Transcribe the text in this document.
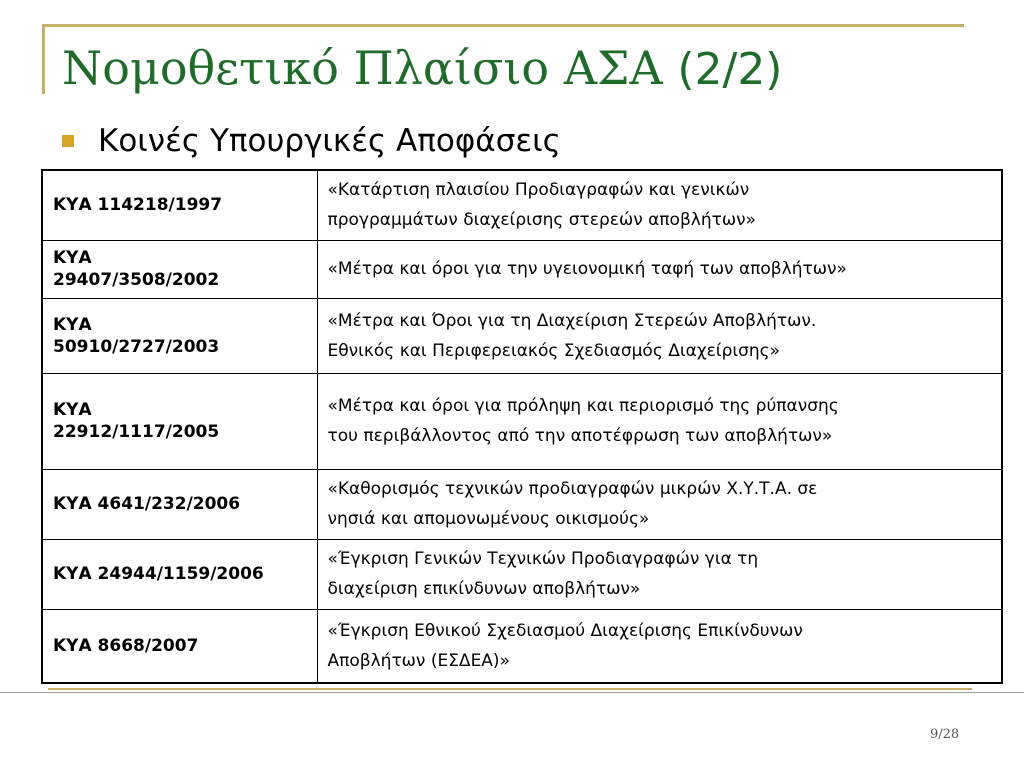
Νομοθετικό Πλαίσιο ΑΣΑ (2/2)
Κοινές Υπουργικές Αποφάσεις
ΚΥΑ 114218/1997	«Κατάρτιση πλαισίου Προδιαγραφών και γενικών
προγραμμάτων διαχείρισης στερεών αποβλήτων»
ΚΥΑ
29407/3508/2002	«Μέτρα και όροι για την υγειονομική ταφή των αποβλήτων»
ΚΥΑ
50910/2727/2003	«Μέτρα και Όροι για τη Διαχείριση Στερεών Αποβλήτων.
Εθνικός και Περιφερειακός Σχεδιασμός Διαχείρισης»
ΚΥΑ
22912/1117/2005	«Μέτρα και όροι για πρόληψη και περιορισμό της ρύπανσης
του περιβάλλοντος από την αποτέφρωση των αποβλήτων»
ΚΥΑ 4641/232/2006	«Καθορισμός τεχνικών προδιαγραφών μικρών Χ.Υ.Τ.Α. σε
νησιά και απομονωμένους οικισμούς»
ΚΥΑ 24944/1159/2006	«Έγκριση Γενικών Τεχνικών Προδιαγραφών για τη
διαχείριση επικίνδυνων αποβλήτων»
ΚΥΑ 8668/2007	«Έγκριση Εθνικού Σχεδιασμού Διαχείρισης Επικίνδυνων
Αποβλήτων (ΕΣΔΕΑ)»
9/28
